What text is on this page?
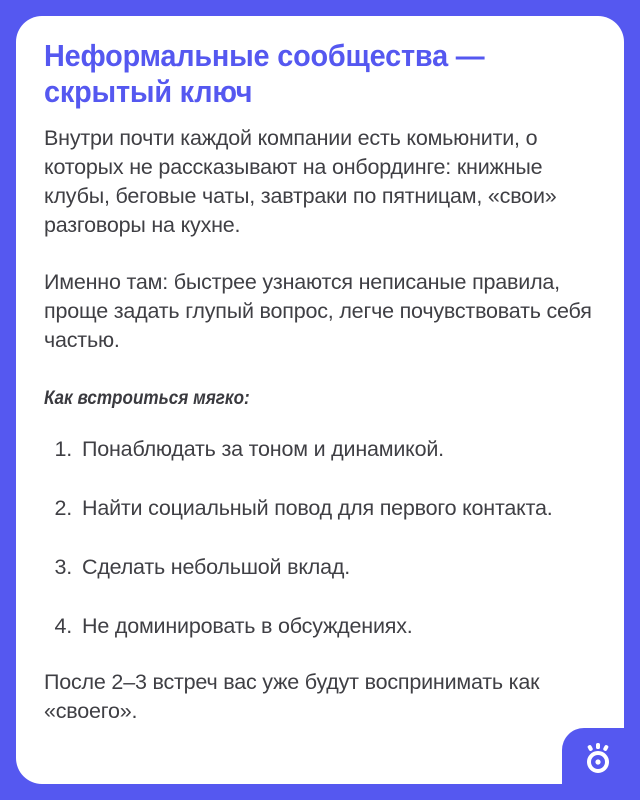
Неформальные сообщества — скрытый ключ

Внутри почти каждой компании есть комьюнити, о которых не рассказывают на онбординге: книжные клубы, беговые чаты, завтраки по пятницам, «свои» разговоры на кухне.

Именно там: быстрее узнаются неписаные правила, проще задать глупый вопрос, легче почувствовать себя частью.

Как встроиться мягко:

1. Понаблюдать за тоном и динамикой.
2. Найти социальный повод для первого контакта.
3. Сделать небольшой вклад.
4. Не доминировать в обсуждениях.

После 2–3 встреч вас уже будут воспринимать как «своего».
